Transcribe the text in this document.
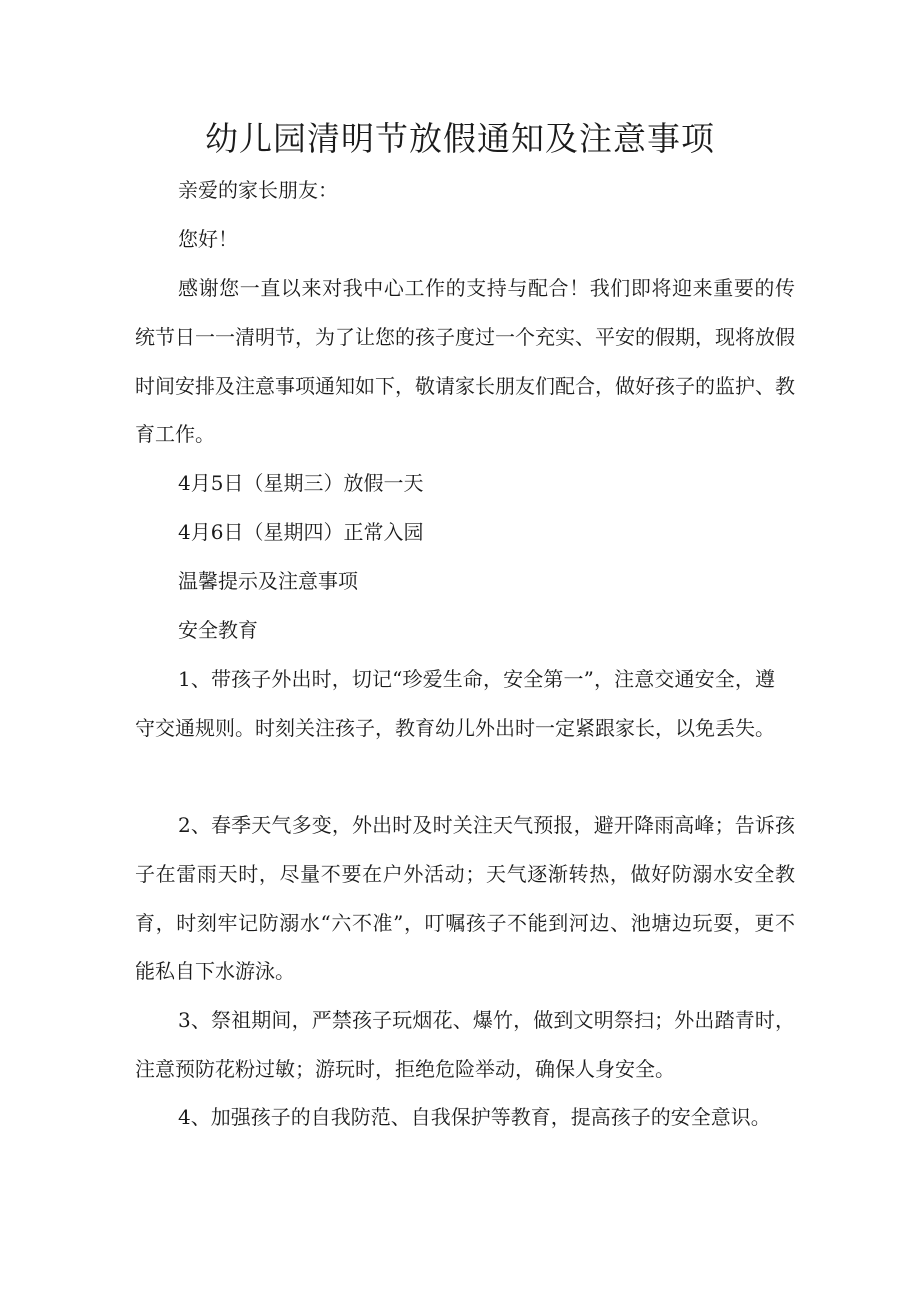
幼儿园清明节放假通知及注意事项

亲爱的家长朋友：

您好！

感谢您一直以来对我中心工作的支持与配合！我们即将迎来重要的传统节日一一清明节，为了让您的孩子度过一个充实、平安的假期，现将放假时间安排及注意事项通知如下，敬请家长朋友们配合，做好孩子的监护、教育工作。

4月5日（星期三）放假一天

4月6日（星期四）正常入园

温馨提示及注意事项

安全教育

1、带孩子外出时，切记“珍爱生命，安全第一”，注意交通安全，遵守交通规则。时刻关注孩子，教育幼儿外出时一定紧跟家长，以免丢失。

2、春季天气多变，外出时及时关注天气预报，避开降雨高峰；告诉孩子在雷雨天时，尽量不要在户外活动；天气逐渐转热，做好防溺水安全教育，时刻牢记防溺水“六不准”，叮嘱孩子不能到河边、池塘边玩耍，更不能私自下水游泳。

3、祭祖期间，严禁孩子玩烟花、爆竹，做到文明祭扫；外出踏青时，注意预防花粉过敏；游玩时，拒绝危险举动，确保人身安全。

4、加强孩子的自我防范、自我保护等教育，提高孩子的安全意识。
